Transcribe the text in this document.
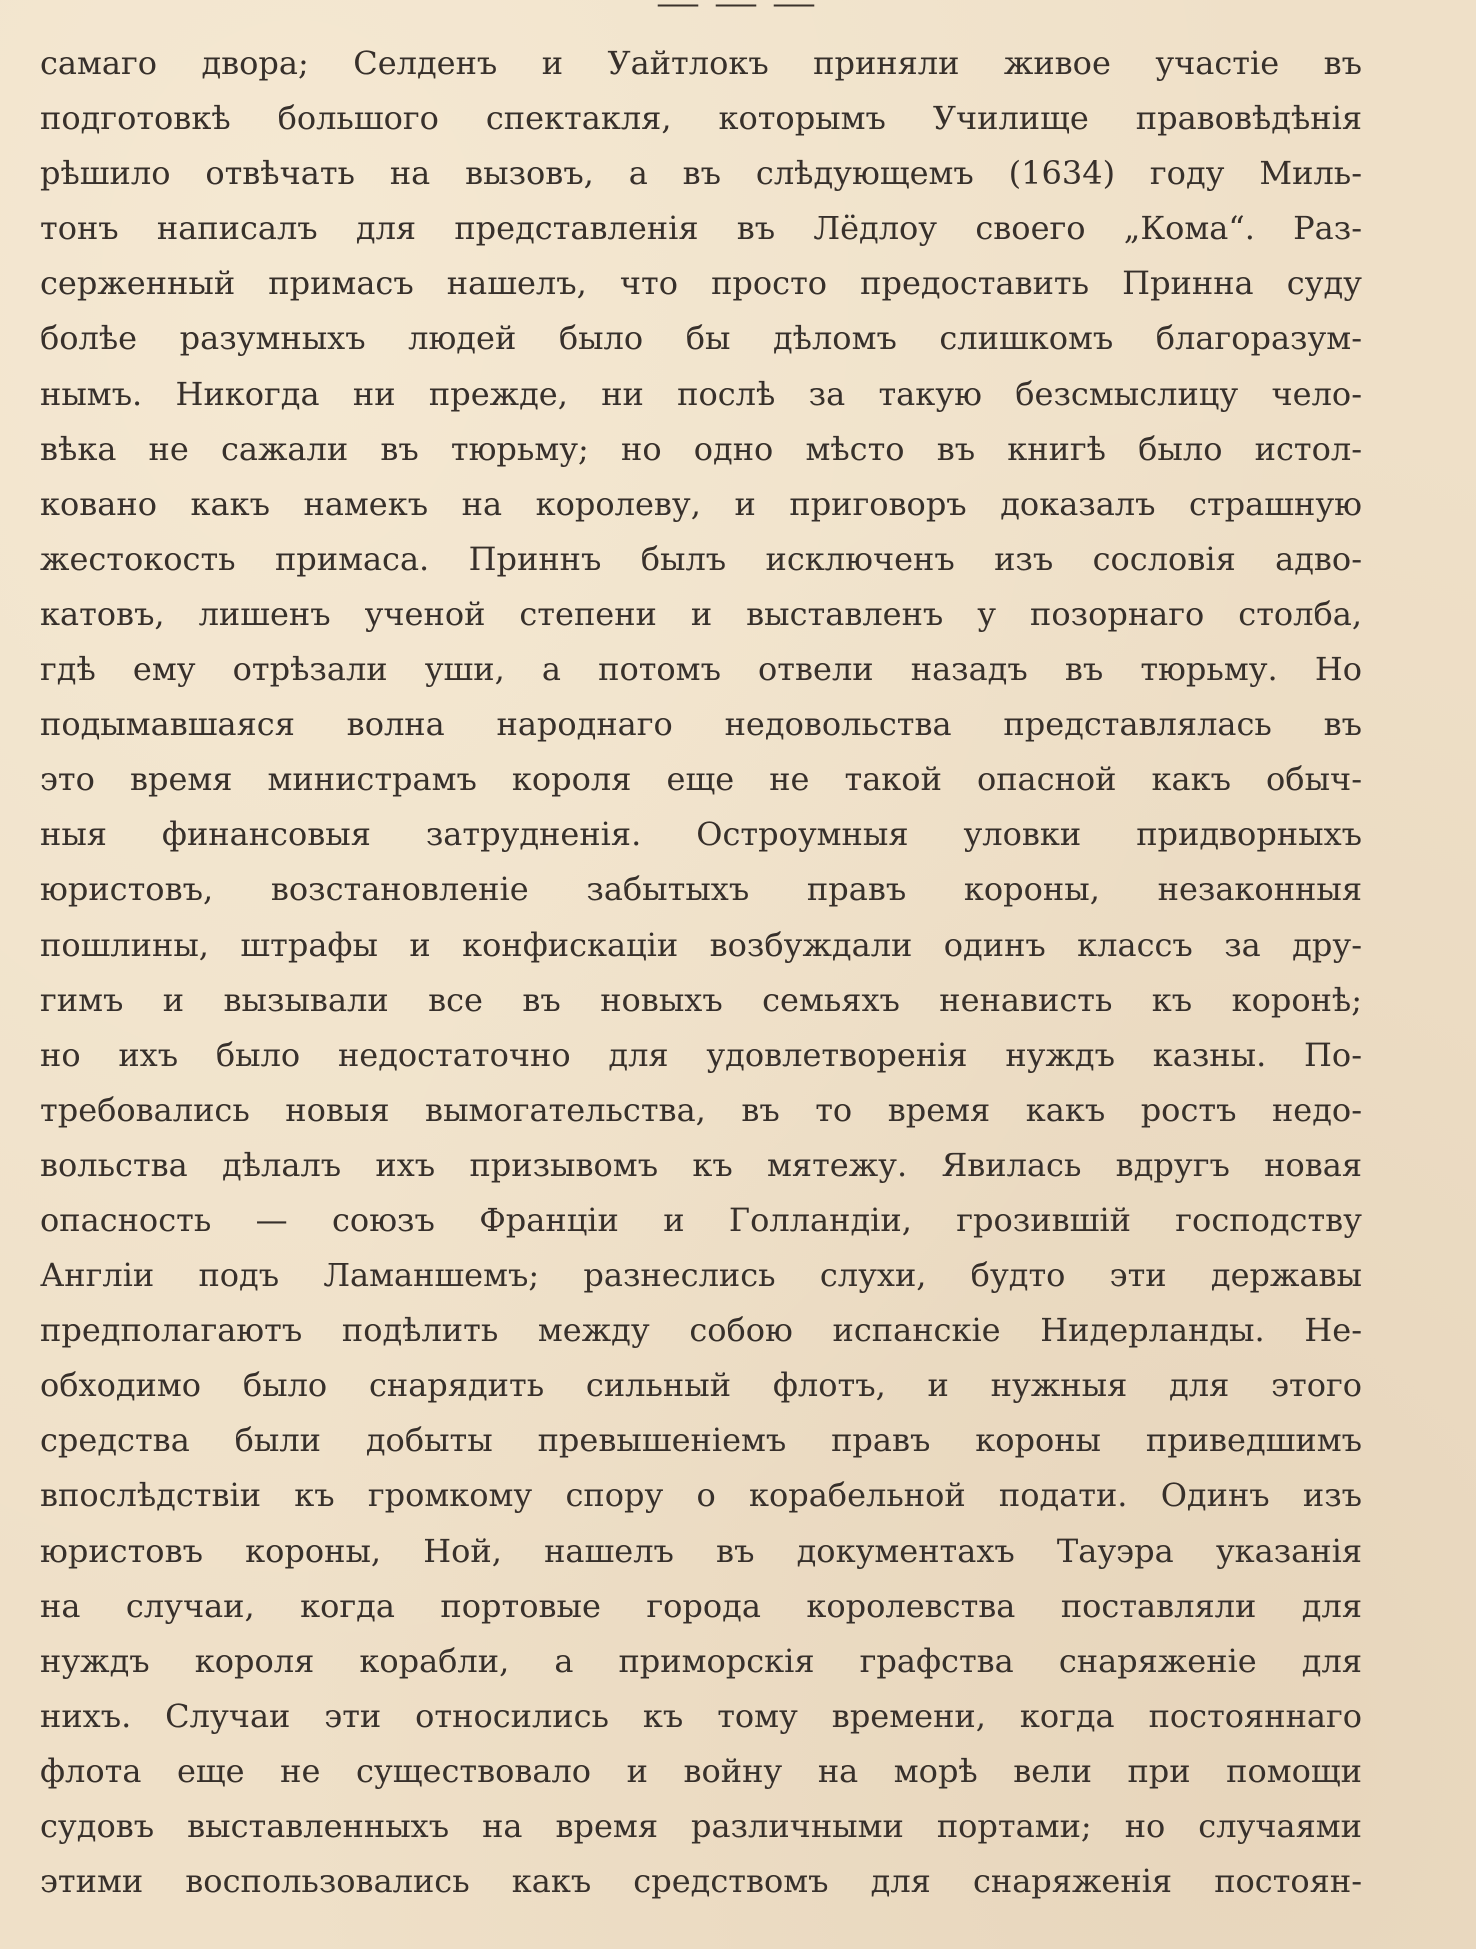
— — —
самаго двора; Селденъ и Уайтлокъ приняли живое участіе въ
подготовкѣ большого спектакля, которымъ Училище правовѣдѣнія
рѣшило отвѣчать на вызовъ, а въ слѣдующемъ (1634) году Миль-
тонъ написалъ для представленія въ Лёдлоу своего „Кома“. Раз-
серженный примасъ нашелъ, что просто предоставить Принна суду
болѣе разумныхъ людей было бы дѣломъ слишкомъ благоразум-
нымъ. Никогда ни прежде, ни послѣ за такую безсмыслицу чело-
вѣка не сажали въ тюрьму; но одно мѣсто въ книгѣ было истол-
ковано какъ намекъ на королеву, и приговоръ доказалъ страшную
жестокость примаса. Приннъ былъ исключенъ изъ сословія адво-
катовъ, лишенъ ученой степени и выставленъ у позорнаго столба,
гдѣ ему отрѣзали уши, а потомъ отвели назадъ въ тюрьму. Но
подымавшаяся волна народнаго недовольства представлялась въ
это время министрамъ короля еще не такой опасной какъ обыч-
ныя финансовыя затрудненія. Остроумныя уловки придворныхъ
юристовъ, возстановленіе забытыхъ правъ короны, незаконныя
пошлины, штрафы и конфискаціи возбуждали одинъ классъ за дру-
гимъ и вызывали все въ новыхъ семьяхъ ненависть къ коронѣ;
но ихъ было недостаточно для удовлетворенія нуждъ казны. По-
требовались новыя вымогательства, въ то время какъ ростъ недо-
вольства дѣлалъ ихъ призывомъ къ мятежу. Явилась вдругъ новая
опасность — союзъ Франціи и Голландіи, грозившій господству
Англіи подъ Ламаншемъ; разнеслись слухи, будто эти державы
предполагаютъ подѣлить между собою испанскіе Нидерланды. Не-
обходимо было снарядить сильный флотъ, и нужныя для этого
средства были добыты превышеніемъ правъ короны приведшимъ
впослѣдствіи къ громкому спору о корабельной подати. Одинъ изъ
юристовъ короны, Ной, нашелъ въ документахъ Тауэра указанія
на случаи, когда портовые города королевства поставляли для
нуждъ короля корабли, а приморскія графства снаряженіе для
нихъ. Случаи эти относились къ тому времени, когда постояннаго
флота еще не существовало и войну на морѣ вели при помощи
судовъ выставленныхъ на время различными портами; но случаями
этими воспользовались какъ средствомъ для снаряженія постоян-
